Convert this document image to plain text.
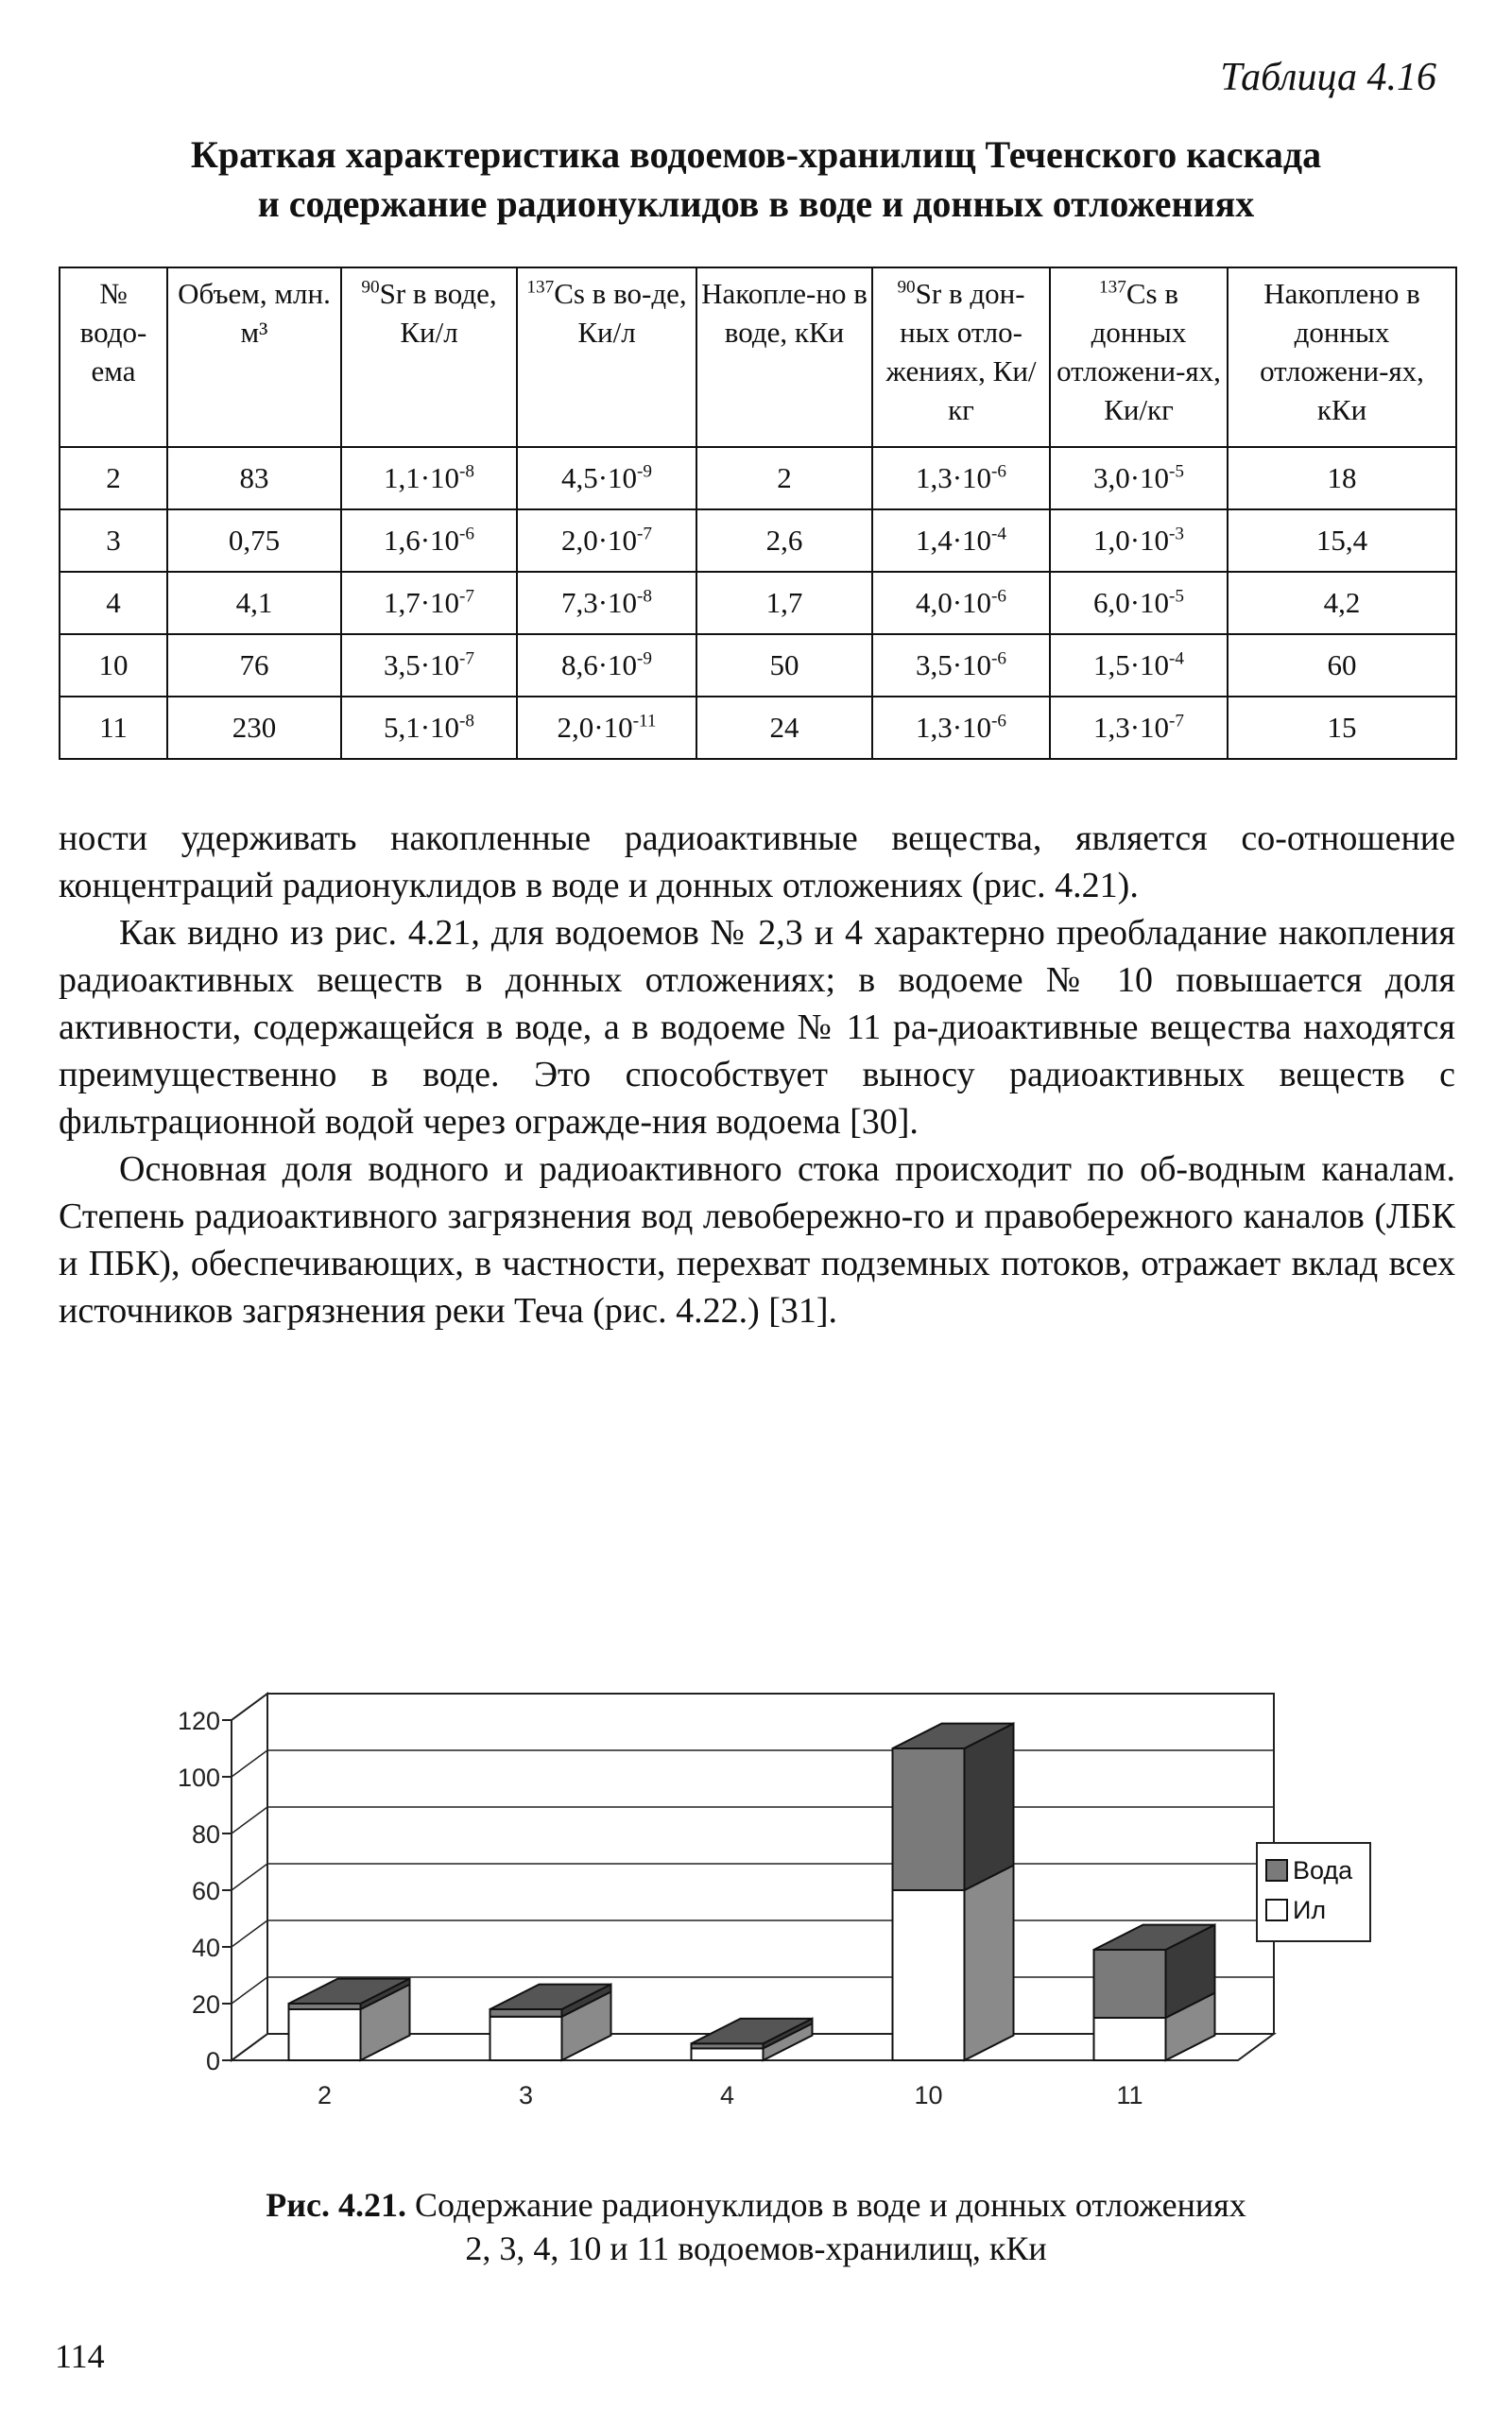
Таблица 4.16
Краткая характеристика водоемов-хранилищ Теченского каскада
и содержание радионуклидов в воде и донных отложениях
№ водо-ема	Объем, млн. м³	$^{90}$Sr в воде, Ки/л	$^{137}$Cs в во-де, Ки/л	Накопле-но в воде, кКи	$^{90}$Sr в дон-ных отло-жениях, Ки/кг	$^{137}$Cs в донных отложени-ях, Ки/кг	Накоплено в донных отложени-ях, кКи
2	83	$1,1\cdot 10^{-8}$	$4,5\cdot 10^{-9}$	2	$1,3\cdot 10^{-6}$	$3,0\cdot 10^{-5}$	18
3	0,75	$1,6\cdot 10^{-6}$	$2,0\cdot 10^{-7}$	2,6	$1,4\cdot 10^{-4}$	$1,0\cdot 10^{-3}$	15,4
4	4,1	$1,7\cdot 10^{-7}$	$7,3\cdot 10^{-8}$	1,7	$4,0\cdot 10^{-6}$	$6,0\cdot 10^{-5}$	4,2
10	76	$3,5\cdot 10^{-7}$	$8,6\cdot 10^{-9}$	50	$3,5\cdot 10^{-6}$	$1,5\cdot 10^{-4}$	60
11	230	$5,1\cdot 10^{-8}$	$2,0\cdot 10^{-11}$	24	$1,3\cdot 10^{-6}$	$1,3\cdot 10^{-7}$	15

ности удерживать накопленные радиоактивные вещества, является со-отношение концентраций радионуклидов в воде и донных отложениях (рис. 4.21).

Как видно из рис. 4.21, для водоемов № 2,3 и 4 характерно преобладание накопления радиоактивных веществ в донных отложениях; в водоеме № 10 повышается доля активности, содержащейся в воде, а в водоеме № 11 ра-диоактивные вещества находятся преимущественно в воде. Это способствует выносу радиоактивных веществ с фильтрационной водой через огражде-ния водоема [30].

Основная доля водного и радиоактивного стока происходит по об-водным каналам. Степень радиоактивного загрязнения вод левобережно-го и правобережного каналов (ЛБК и ПБК), обеспечивающих, в частности, перехват подземных потоков, отражает вклад всех источников загрязнения реки Теча (рис. 4.22.) [31].

0
20
40
60
80
100
120
2	3	4	10	11
Вода
Ил
Рис. 4.21. Содержание радионуклидов в воде и донных отложениях
2, 3, 4, 10 и 11 водоемов-хранилищ, кКи
114
